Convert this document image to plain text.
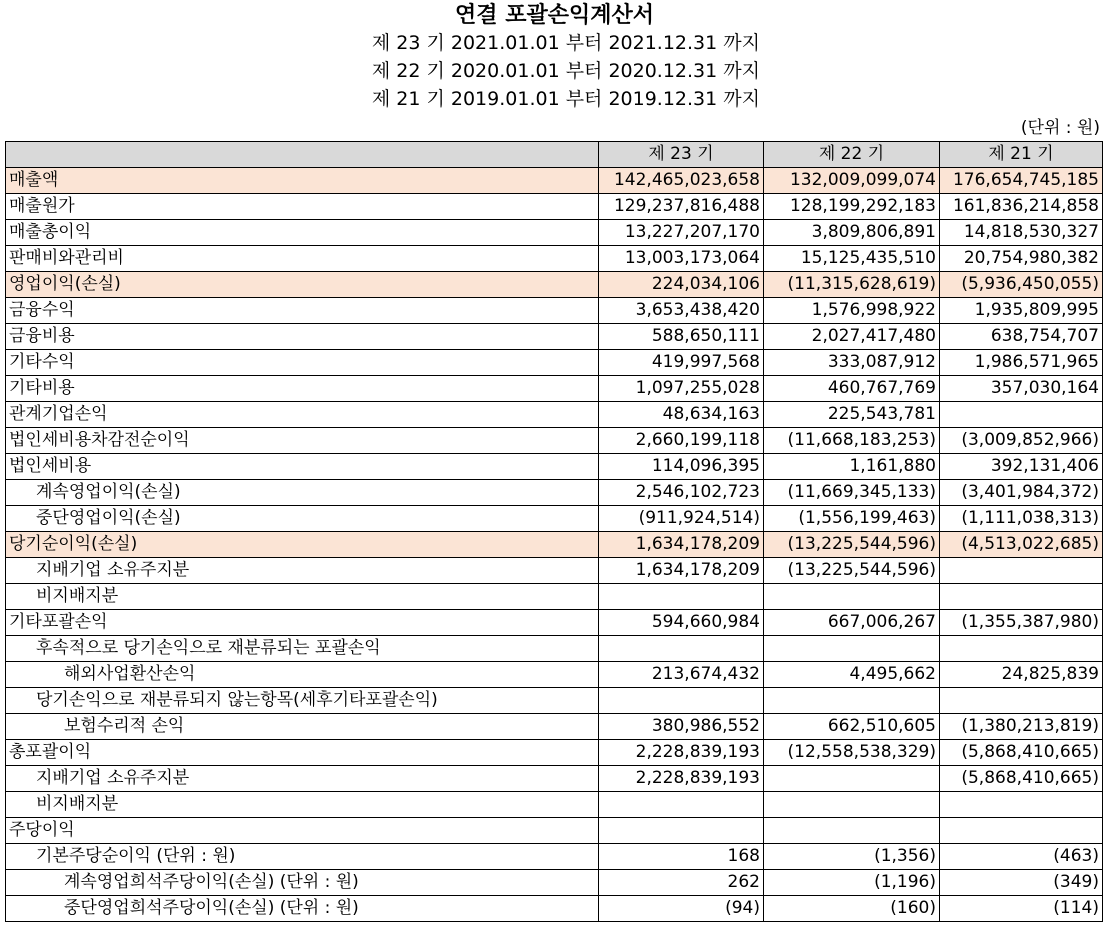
연결 포괄손익계산서
제 23 기 2021.01.01 부터 2021.12.31 까지
제 22 기 2020.01.01 부터 2020.12.31 까지
제 21 기 2019.01.01 부터 2019.12.31 까지
(단위 : 원)
	제 23 기	제 22 기	제 21 기
매출액	142,465,023,658	132,009,099,074	176,654,745,185
매출원가	129,237,816,488	128,199,292,183	161,836,214,858
매출총이익	13,227,207,170	3,809,806,891	14,818,530,327
판매비와관리비	13,003,173,064	15,125,435,510	20,754,980,382
영업이익(손실)	224,034,106	(11,315,628,619)	(5,936,450,055)
금융수익	3,653,438,420	1,576,998,922	1,935,809,995
금융비용	588,650,111	2,027,417,480	638,754,707
기타수익	419,997,568	333,087,912	1,986,571,965
기타비용	1,097,255,028	460,767,769	357,030,164
관계기업손익	48,634,163	225,543,781	
법인세비용차감전순이익	2,660,199,118	(11,668,183,253)	(3,009,852,966)
법인세비용	114,096,395	1,161,880	392,131,406
계속영업이익(손실)	2,546,102,723	(11,669,345,133)	(3,401,984,372)
중단영업이익(손실)	(911,924,514)	(1,556,199,463)	(1,111,038,313)
당기순이익(손실)	1,634,178,209	(13,225,544,596)	(4,513,022,685)
지배기업 소유주지분	1,634,178,209	(13,225,544,596)	
비지배지분			
기타포괄손익	594,660,984	667,006,267	(1,355,387,980)
후속적으로 당기손익으로 재분류되는 포괄손익			
해외사업환산손익	213,674,432	4,495,662	24,825,839
당기손익으로 재분류되지 않는항목(세후기타포괄손익)			
보험수리적 손익	380,986,552	662,510,605	(1,380,213,819)
총포괄이익	2,228,839,193	(12,558,538,329)	(5,868,410,665)
지배기업 소유주지분	2,228,839,193		(5,868,410,665)
비지배지분			
주당이익			
기본주당순이익 (단위 : 원)	168	(1,356)	(463)
계속영업희석주당이익(손실) (단위 : 원)	262	(1,196)	(349)
중단영업희석주당이익(손실) (단위 : 원)	(94)	(160)	(114)
